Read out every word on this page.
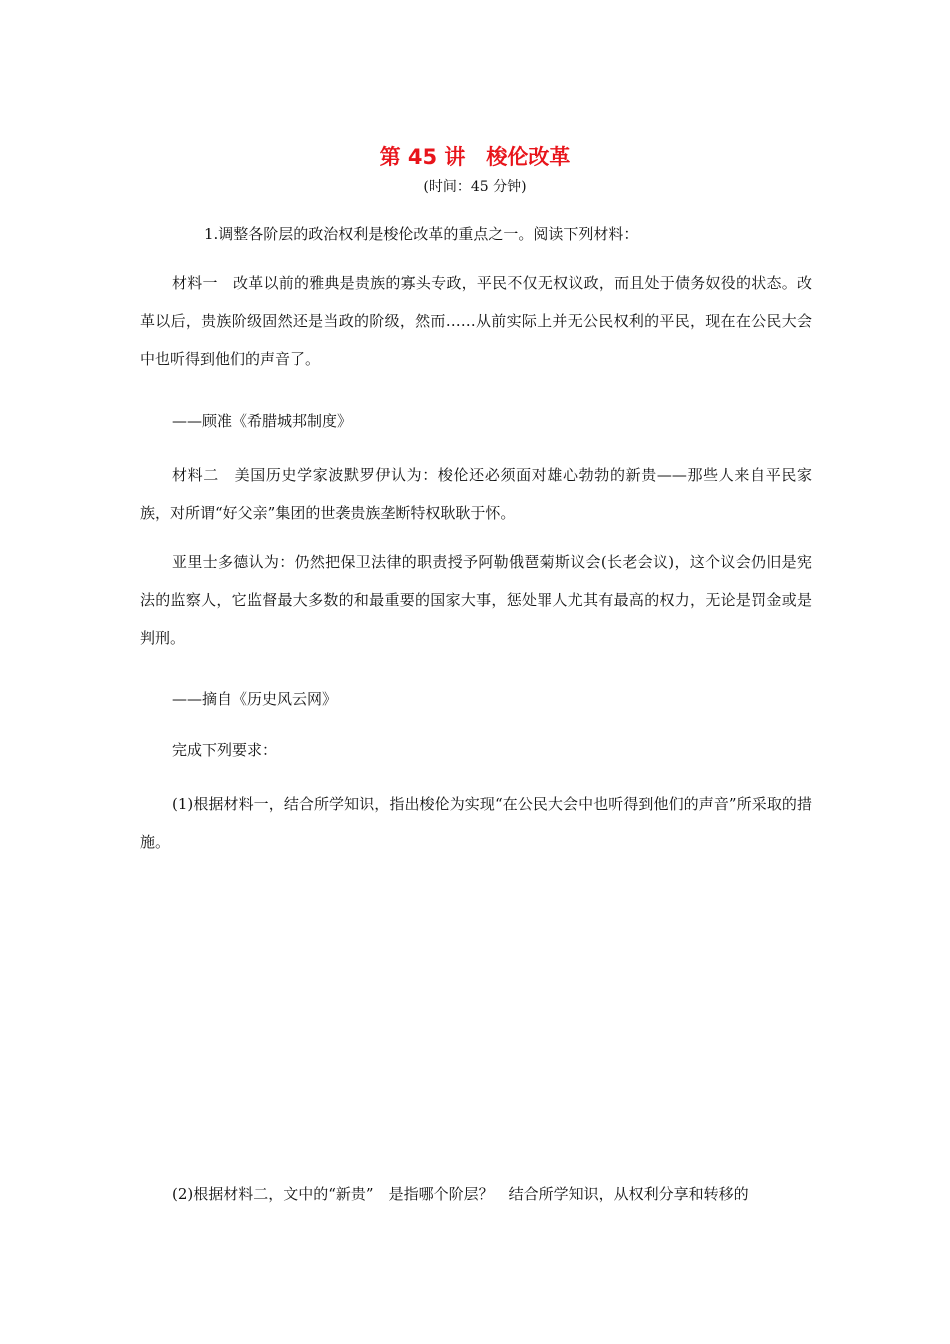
第 45 讲　梭伦改革
(时间：45 分钟)

1.调整各阶层的政治权利是梭伦改革的重点之一。阅读下列材料：

材料一　改革以前的雅典是贵族的寡头专政，平民不仅无权议政，而且处于债务奴役的状态。改革以后，贵族阶级固然还是当政的阶级，然而……从前实际上并无公民权利的平民，现在在公民大会中也听得到他们的声音了。

——顾准《希腊城邦制度》

材料二　美国历史学家波默罗伊认为：梭伦还必须面对雄心勃勃的新贵——那些人来自平民家族，对所谓“好父亲”集团的世袭贵族垄断特权耿耿于怀。

亚里士多德认为：仍然把保卫法律的职责授予阿勒俄琶菊斯议会(长老会议)，这个议会仍旧是宪法的监察人，它监督最大多数的和最重要的国家大事，惩处罪人尤其有最高的权力，无论是罚金或是判刑。

——摘自《历史风云网》

完成下列要求：

(1)根据材料一，结合所学知识，指出梭伦为实现“在公民大会中也听得到他们的声音”所采取的措施。

(2)根据材料二，文中的“新贵”　是指哪个阶层？　结合所学知识，从权利分享和转移的
